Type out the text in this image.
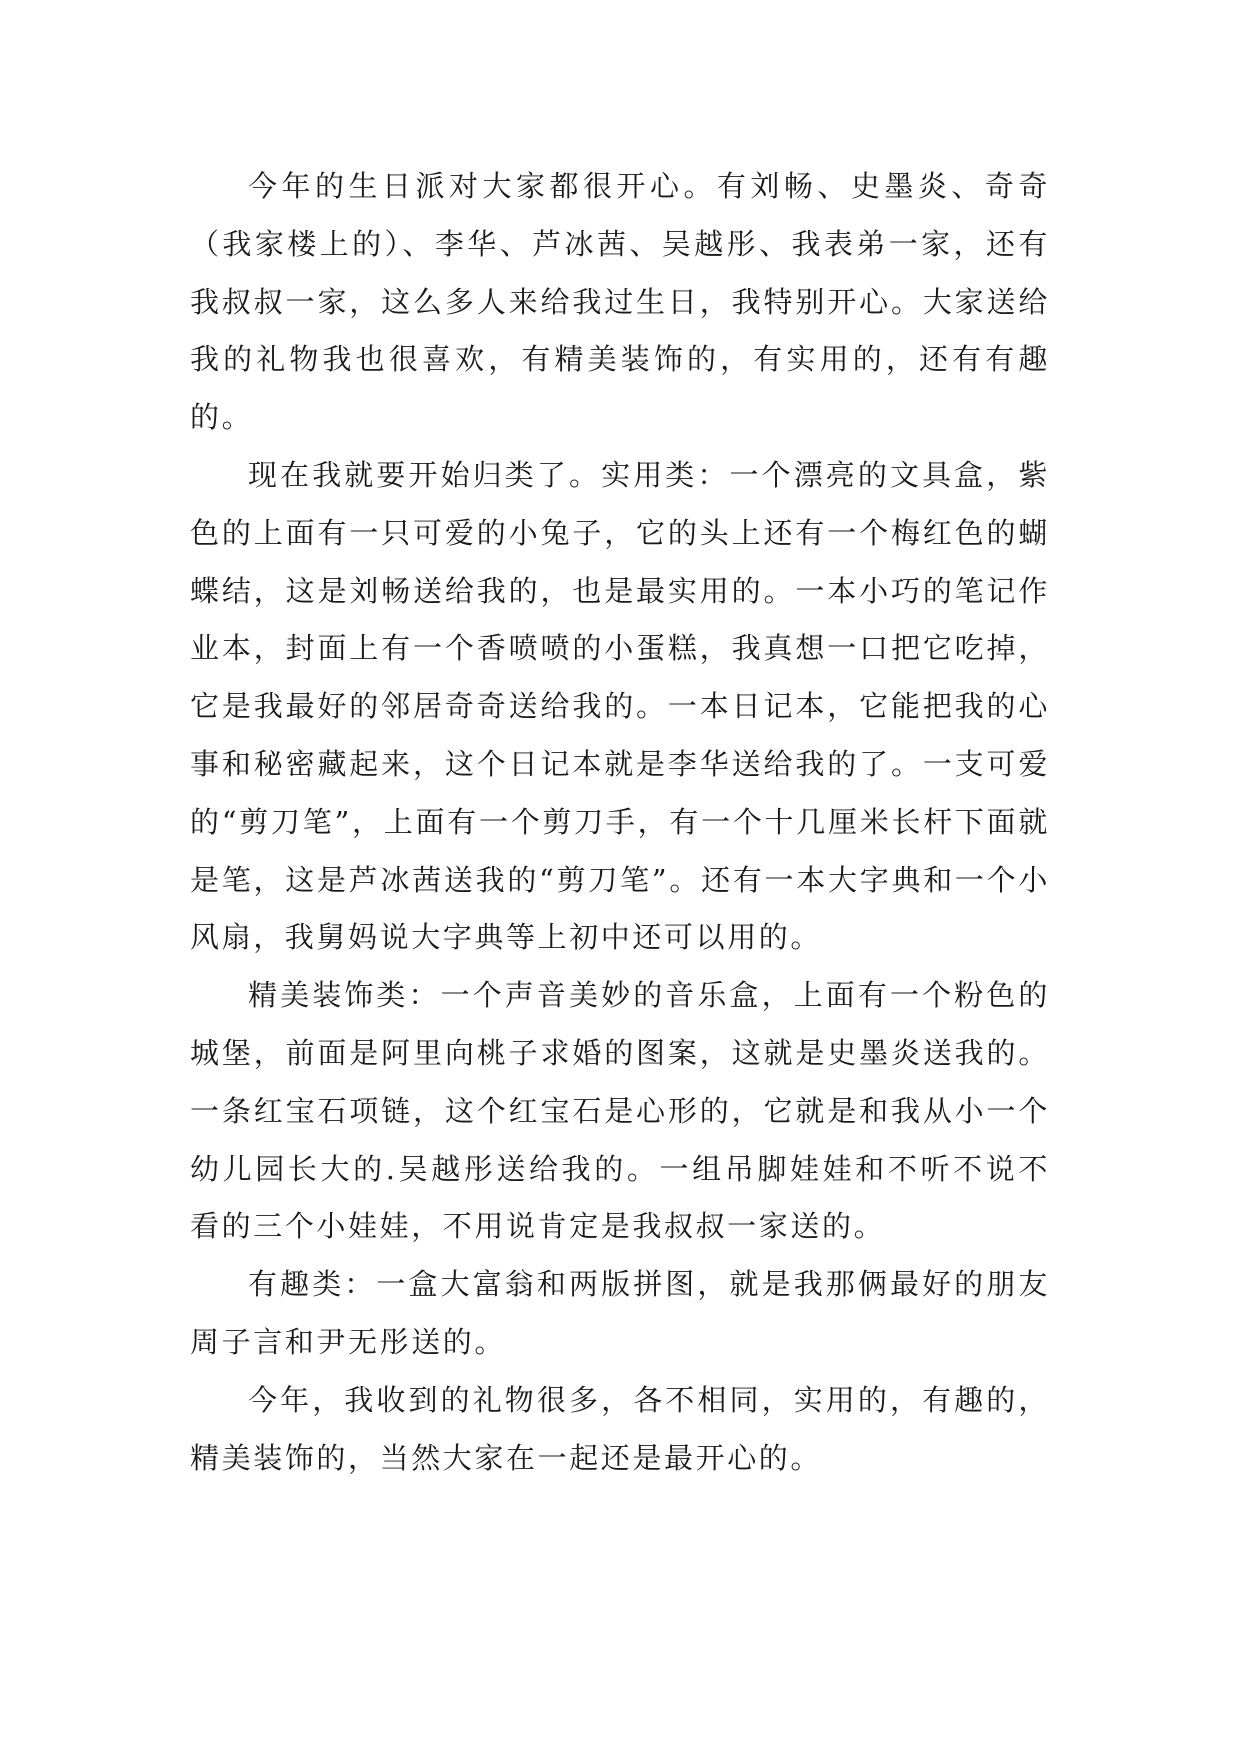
今年的生日派对大家都很开心。有刘畅、史墨炎、奇奇（我家楼上的）、李华、芦冰茜、吴越彤、我表弟一家，还有我叔叔一家，这么多人来给我过生日，我特别开心。大家送给我的礼物我也很喜欢，有精美装饰的，有实用的，还有有趣的。

现在我就要开始归类了。实用类：一个漂亮的文具盒，紫色的上面有一只可爱的小兔子，它的头上还有一个梅红色的蝴蝶结，这是刘畅送给我的，也是最实用的。一本小巧的笔记作业本，封面上有一个香喷喷的小蛋糕，我真想一口把它吃掉，它是我最好的邻居奇奇送给我的。一本日记本，它能把我的心事和秘密藏起来，这个日记本就是李华送给我的了。一支可爱的“剪刀笔”，上面有一个剪刀手，有一个十几厘米长杆下面就是笔，这是芦冰茜送我的“剪刀笔”。还有一本大字典和一个小风扇，我舅妈说大字典等上初中还可以用的。

精美装饰类：一个声音美妙的音乐盒，上面有一个粉色的城堡，前面是阿里向桃子求婚的图案，这就是史墨炎送我的。一条红宝石项链，这个红宝石是心形的，它就是和我从小一个幼儿园长大的.吴越彤送给我的。一组吊脚娃娃和不听不说不看的三个小娃娃，不用说肯定是我叔叔一家送的。

有趣类：一盒大富翁和两版拼图，就是我那俩最好的朋友周子言和尹无彤送的。

今年，我收到的礼物很多，各不相同，实用的，有趣的，精美装饰的，当然大家在一起还是最开心的。
